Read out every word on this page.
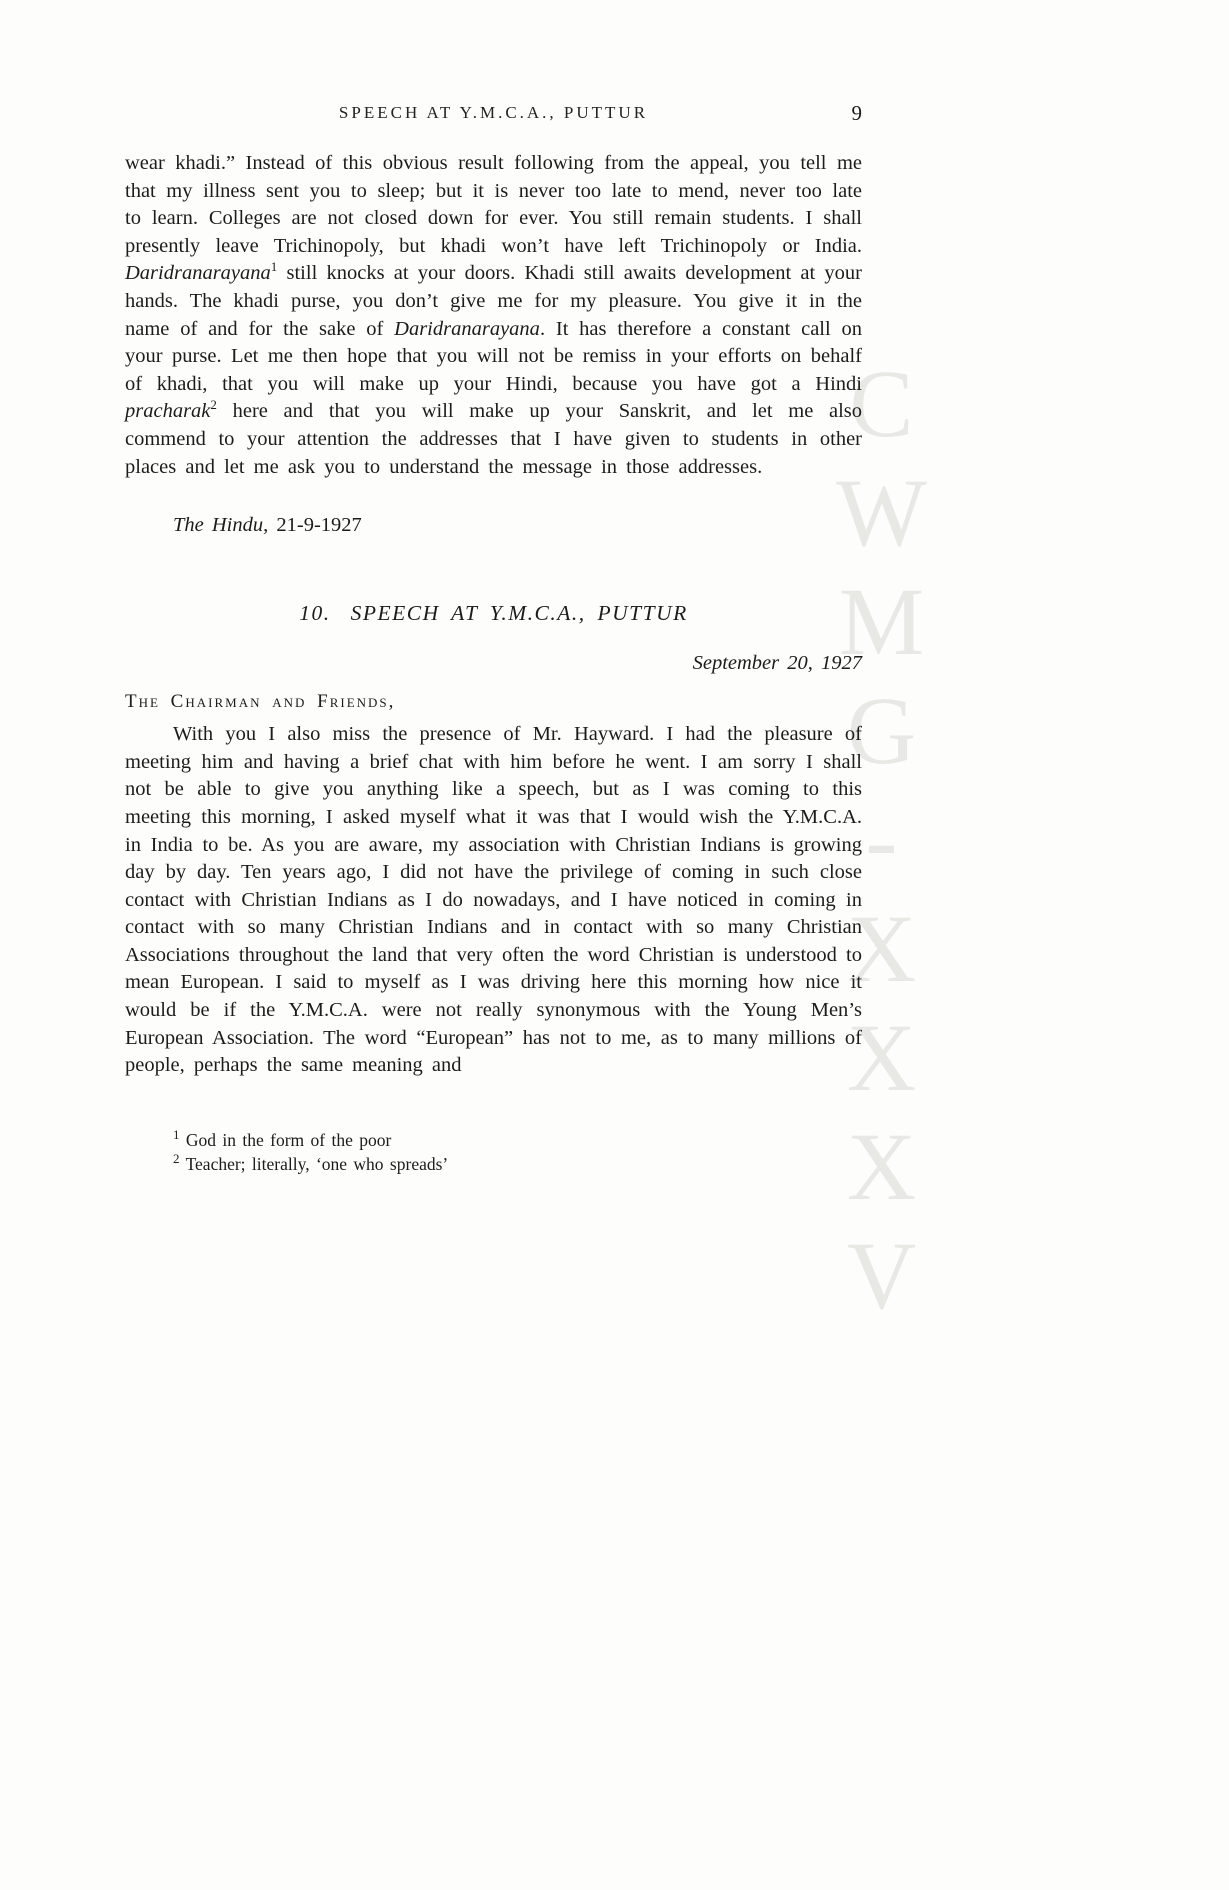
CWMG-XXXV
SPEECH AT Y.M.C.A., PUTTUR	9

wear khadi.” Instead of this obvious result following from the appeal, you tell me that my illness sent you to sleep; but it is never too late to mend, never too late to learn. Colleges are not closed down for ever. You still remain students. I shall presently leave Trichinopoly, but khadi won’t have left Trichinopoly or India. Daridranarayana$^1$ still knocks at your doors. Khadi still awaits development at your hands. The khadi purse, you don’t give me for my pleasure. You give it in the name of and for the sake of Daridranarayana. It has therefore a constant call on your purse. Let me then hope that you will not be remiss in your efforts on behalf of khadi, that you will make up your Hindi, because you have got a Hindi pracharak$^2$ here and that you will make up your Sanskrit, and let me also commend to your attention the addresses that I have given to students in other places and let me ask you to understand the message in those addresses.

The Hindu, 21-9-1927

10. SPEECH AT Y.M.C.A., PUTTUR

September 20, 1927

The Chairman and Friends,

With you I also miss the presence of Mr. Hayward. I had the pleasure of meeting him and having a brief chat with him before he went. I am sorry I shall not be able to give you anything like a speech, but as I was coming to this meeting this morning, I asked myself what it was that I would wish the Y.M.C.A. in India to be. As you are aware, my association with Christian Indians is growing day by day. Ten years ago, I did not have the privilege of coming in such close contact with Christian Indians as I do nowadays, and I have noticed in coming in contact with so many Christian Indians and in contact with so many Christian Associations throughout the land that very often the word Christian is understood to mean European. I said to myself as I was driving here this morning how nice it would be if the Y.M.C.A. were not really synonymous with the Young Men’s European Association. The word “European” has not to me, as to many millions of people, perhaps the same meaning and

$^1$ God in the form of the poor

$^2$ Teacher; literally, ‘one who spreads’
